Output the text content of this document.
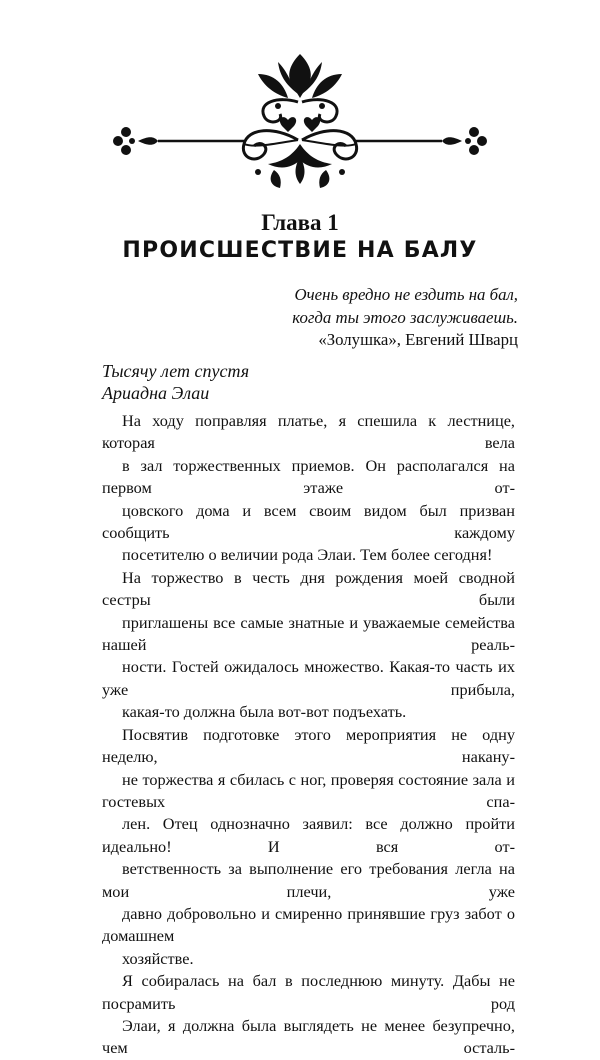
Глава 1
ПРОИСШЕСТВИЕ НА БАЛУ
Очень вредно не ездить на бал,
когда ты этого заслуживаешь.
«Золушка», Евгений Шварц
Тысячу лет спустя
Ариадна Элаи

На ходу поправляя платье, я спешила к лестнице, которая вела
в зал торжественных приемов. Он располагался на первом этаже от-
цовского дома и всем своим видом был призван сообщить каждому
посетителю о величии рода Элаи. Тем более сегодня!

На торжество в честь дня рождения моей сводной сестры были
приглашены все самые знатные и уважаемые семейства нашей реаль-
ности. Гостей ожидалось множество. Какая-то часть их уже прибыла,
какая-то должна была вот-вот подъехать.

Посвятив подготовке этого мероприятия не одну неделю, накану-
не торжества я сбилась с ног, проверяя состояние зала и гостевых спа-
лен. Отец однозначно заявил: все должно пройти идеально! И вся от-
ветственность за выполнение его требования легла на мои плечи, уже
давно добровольно и смиренно принявшие груз забот о домашнем
хозяйстве.

Я собиралась на бал в последнюю минуту. Дабы не посрамить род
Элаи, я должна была выглядеть не менее безупречно, чем осталь-
